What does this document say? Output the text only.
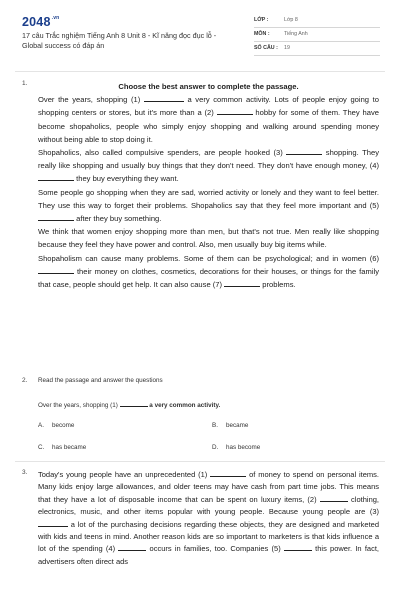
$2048^{.vn}$
17 câu Trắc nghiệm Tiếng Anh 8 Unit 8 - Kĩ năng đọc đục lỗ - Global success có đáp án
LỚP :	Lớp 8
MÔN :	Tiếng Anh
SỐ CÂU : 19
1.	Choose the best answer to complete the passage.

Over the years, shopping (1)	a very common activity. Lots of people enjoy going to shopping centers or stores, but it's more than a (2)	hobby for some of them. They have become shopaholics, people who simply enjoy shopping and walking around spending money without being able to stop doing it.

Shopaholics, also called compulsive spenders, are people hooked (3)	shopping. They really like shopping and usually buy things that they don't need. They don't have enough money, (4)  they buy everything they want.

Some people go shopping when they are sad, worried activity or lonely and they want to feel better. They use this way to forget their problems. Shopaholics say that they feel more important and (5)  after they buy something.

We think that women enjoy shopping more than men, but that's not true. Men really like shopping because they feel they have power and control. Also, men usually buy big items while.

Shopaholism can cause many problems. Some of them can be psychological; and in women (6)  their money on clothes, cosmetics, decorations for their houses, or things for the family that case, people should get help. It can also cause (7)	problems.

2. Read the passage and answer the questions
Over the years, shopping (1)	a very common activity.
A. become	B. became
C. has became	D. has become
3. Today's young people have an unprecedented (1)	of money to spend on personal items. Many kids enjoy large allowances, and older teens may have cash from part time jobs. This means that they have a lot of disposable income that can be spent on luxury items, (2)	clothing, electronics, music, and other items popular with young people. Because young people are (3)  a lot of the purchasing decisions regarding these objects, they are designed and marketed with kids and teens in mind. Another reason kids are so important to marketers is that kids influence a lot of the spending (4)	occurs in families, too. Companies (5)	this power. In fact, advertisers often direct ads
